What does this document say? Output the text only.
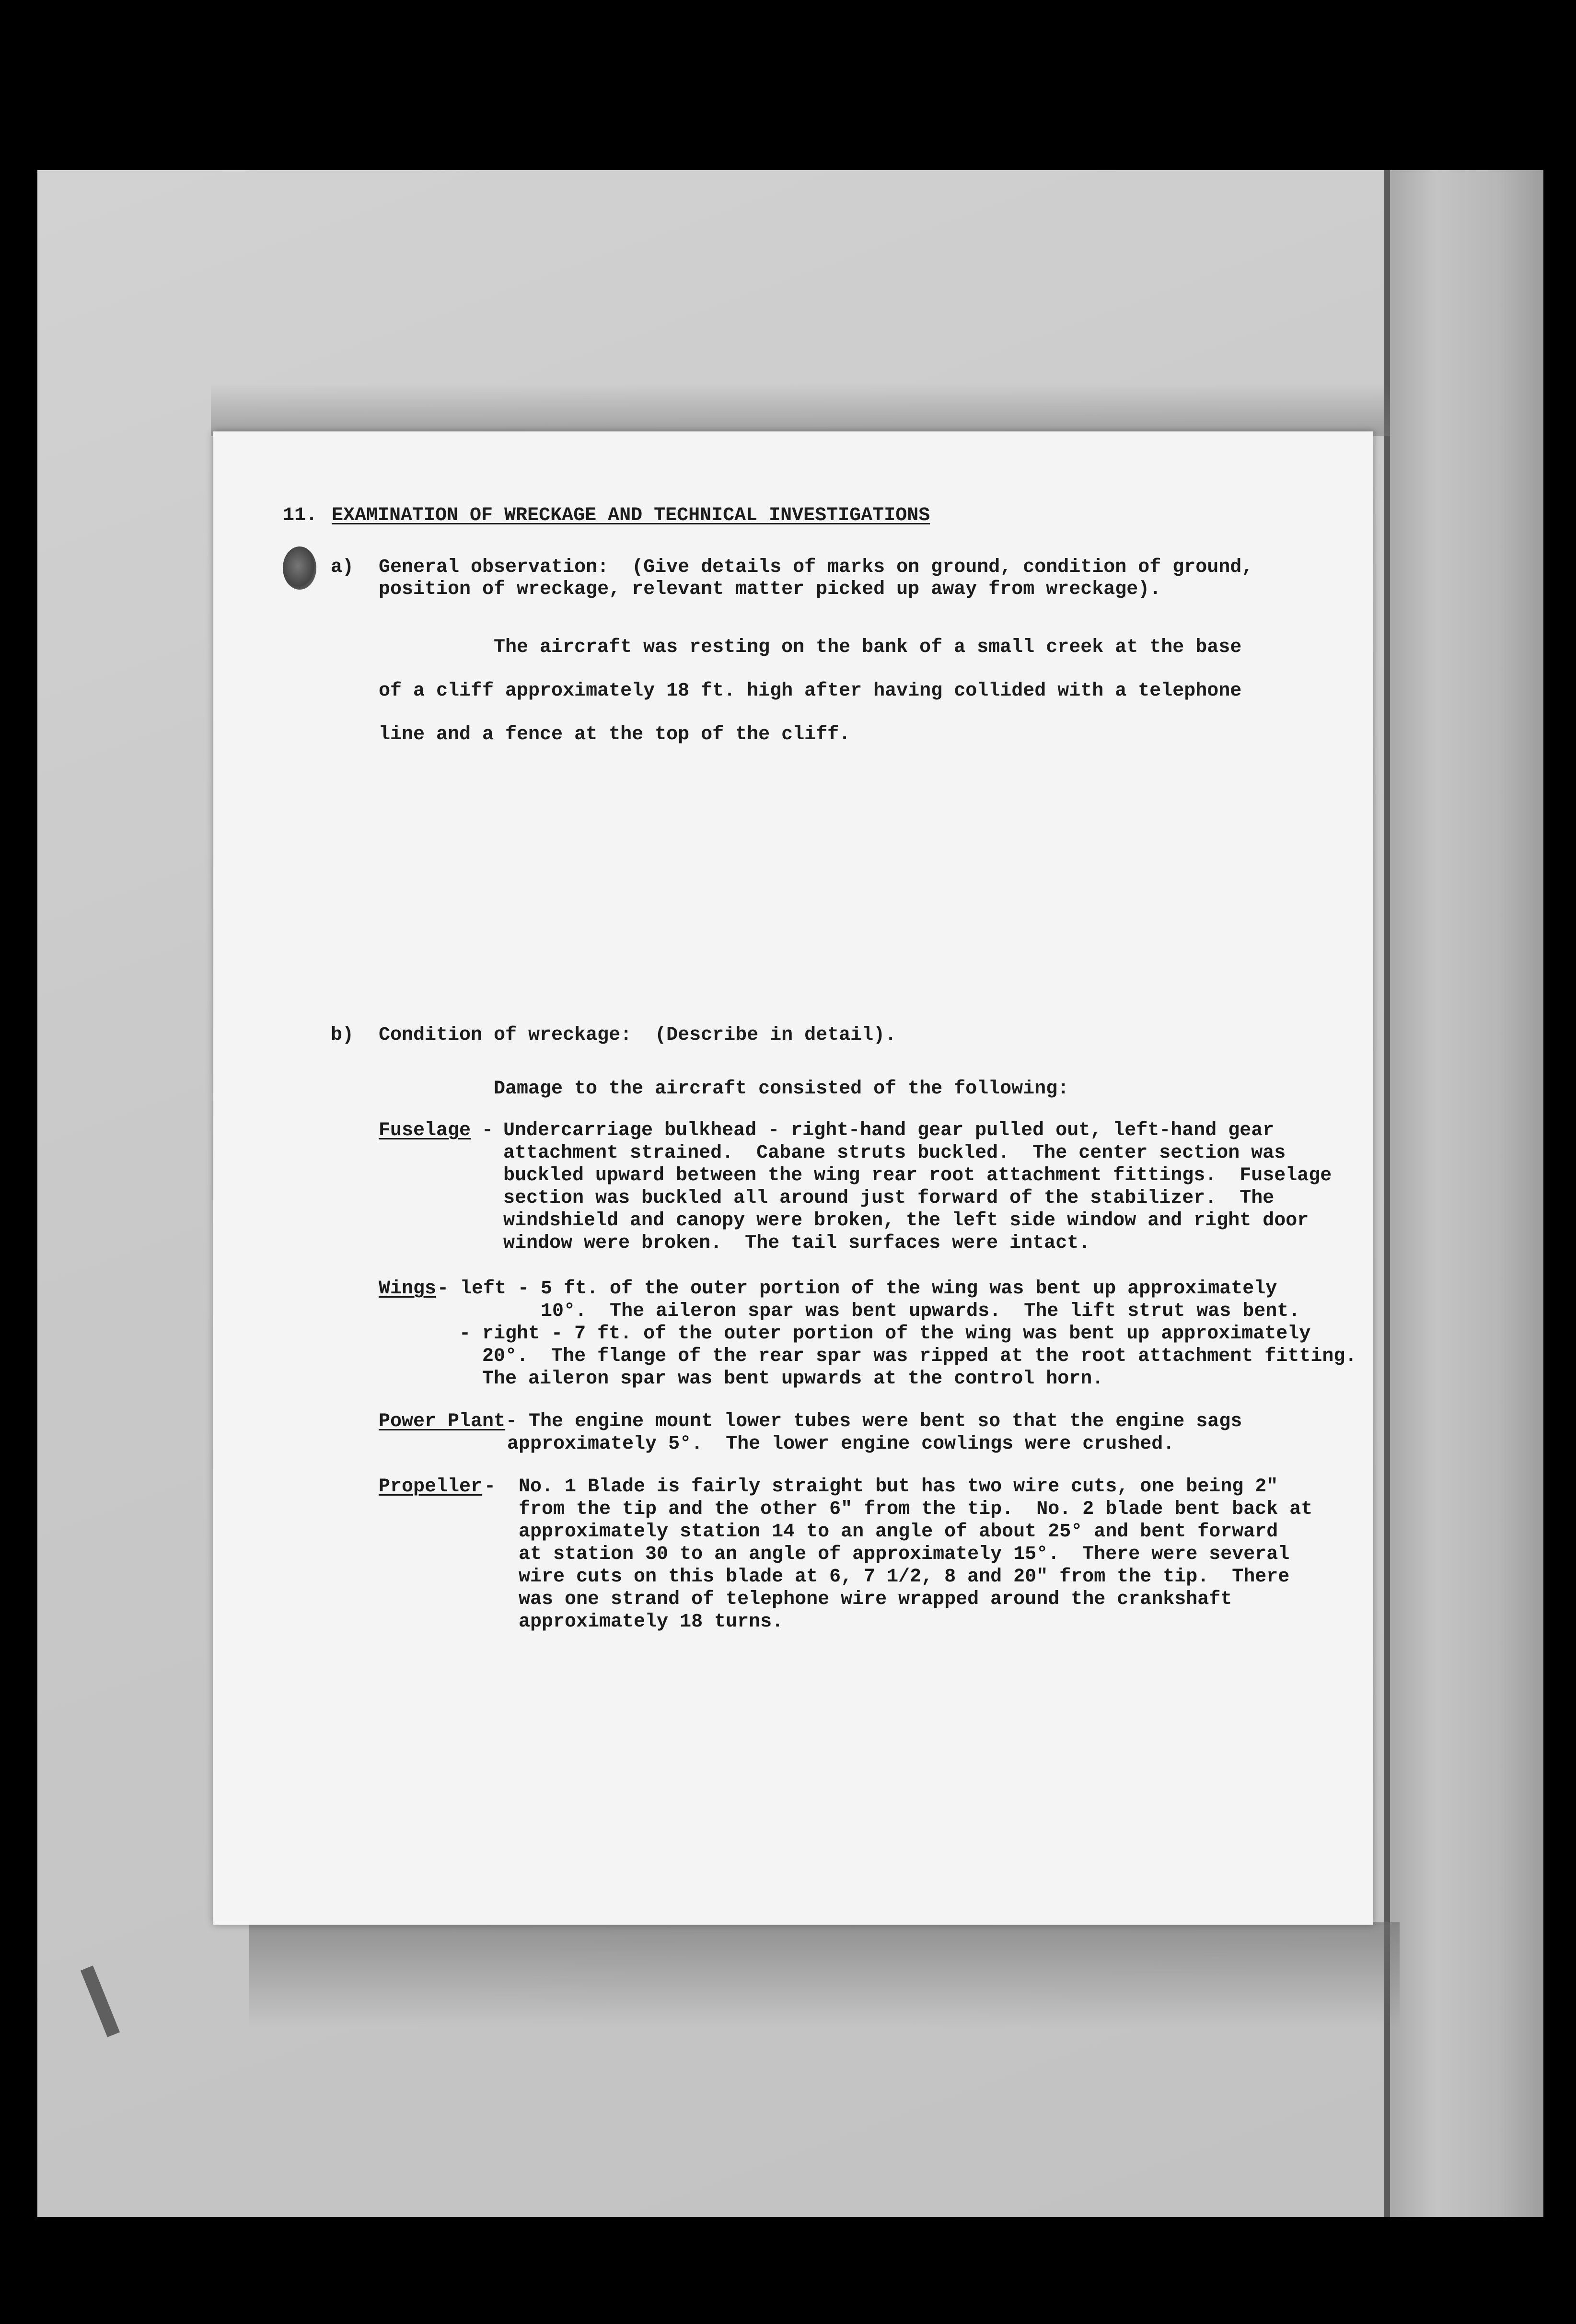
11. EXAMINATION OF WRECKAGE AND TECHNICAL INVESTIGATIONS

a) General observation:  (Give details of marks on ground, condition of ground,

position of wreckage, relevant matter picked up away from wreckage).

The aircraft was resting on the bank of a small creek at the base

of a cliff approximately 18 ft. high after having collided with a telephone

line and a fence at the top of the cliff.

b) Condition of wreckage:  (Describe in detail).

Damage to the aircraft consisted of the following:

Fuselage - Undercarriage bulkhead - right-hand gear pulled out, left-hand gear

attachment strained.  Cabane struts buckled.  The center section was

buckled upward between the wing rear root attachment fittings.  Fuselage

section was buckled all around just forward of the stabilizer.  The

windshield and canopy were broken, the left side window and right door

window were broken.  The tail surfaces were intact.

Wings - left - 5 ft. of the outer portion of the wing was bent up approximately

10°.  The aileron spar was bent upwards.  The lift strut was bent.

- right - 7 ft. of the outer portion of the wing was bent up approximately

20°.  The flange of the rear spar was ripped at the root attachment fitting.

The aileron spar was bent upwards at the control horn.

Power Plant - The engine mount lower tubes were bent so that the engine sags

approximately 5°.  The lower engine cowlings were crushed.

Propeller -  No. 1 Blade is fairly straight but has two wire cuts, one being 2"

from the tip and the other 6" from the tip.  No. 2 blade bent back at

approximately station 14 to an angle of about 25° and bent forward

at station 30 to an angle of approximately 15°.  There were several

wire cuts on this blade at 6, 7 1/2, 8 and 20" from the tip.  There

was one strand of telephone wire wrapped around the crankshaft

approximately 18 turns.
